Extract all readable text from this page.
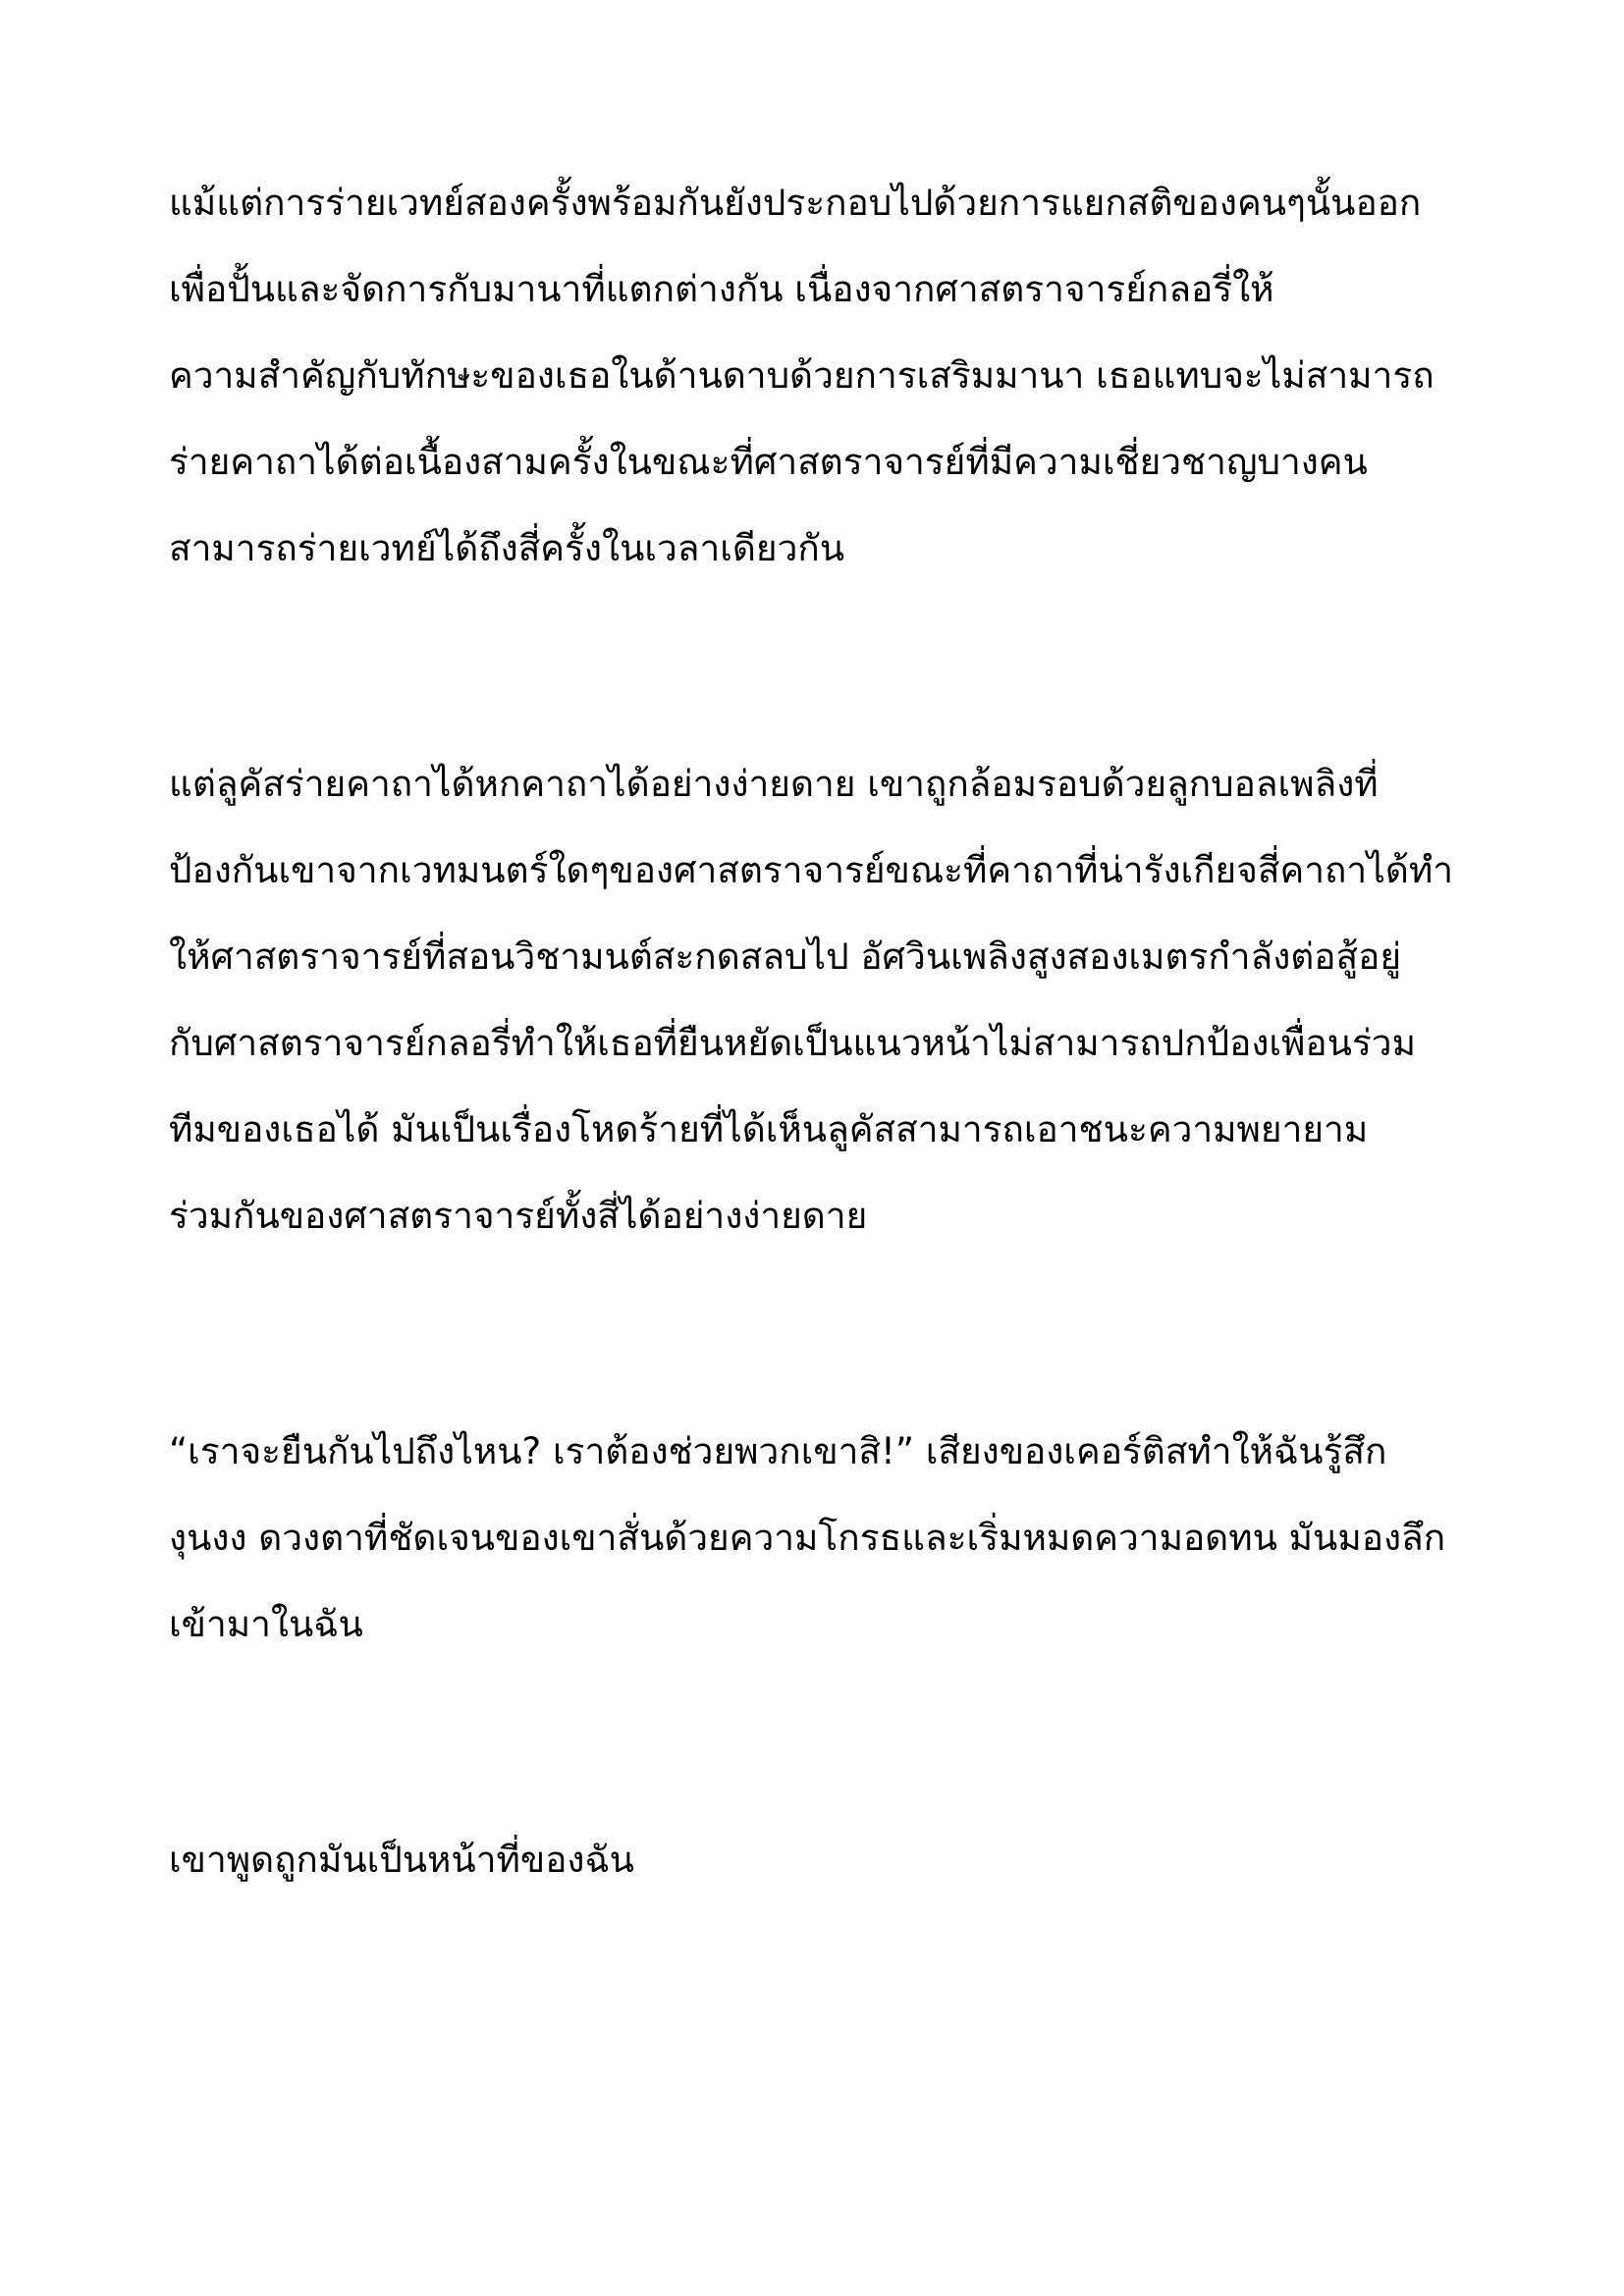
แม้แต่การร่ายเวทย์สองครั้งพร้อมกันยังประกอบไปด้วยการแยกสติของคนๆนั้นออก
เพื่อปั้นและจัดการกับมานาที่แตกต่างกัน เนื่องจากศาสตราจารย์กลอรี่ให้
ความสำคัญกับทักษะของเธอในด้านดาบด้วยการเสริมมานา เธอแทบจะไม่สามารถ
ร่ายคาถาได้ต่อเนื้องสามครั้งในขณะที่ศาสตราจารย์ที่มีความเชี่ยวชาญบางคน
สามารถร่ายเวทย์ได้ถึงสี่ครั้งในเวลาเดียวกัน
แต่ลูคัสร่ายคาถาได้หกคาถาได้อย่างง่ายดาย เขาถูกล้อมรอบด้วยลูกบอลเพลิงที่
ป้องกันเขาจากเวทมนตร์ใดๆของศาสตราจารย์ขณะที่คาถาที่น่ารังเกียจสี่คาถาได้ทำ
ให้ศาสตราจารย์ที่สอนวิชามนต์สะกดสลบไป อัศวินเพลิงสูงสองเมตรกำลังต่อสู้อยู่
กับศาสตราจารย์กลอรี่ทำให้เธอที่ยืนหยัดเป็นแนวหน้าไม่สามารถปกป้องเพื่อนร่วม
ทีมของเธอได้ มันเป็นเรื่องโหดร้ายที่ได้เห็นลูคัสสามารถเอาชนะความพยายาม
ร่วมกันของศาสตราจารย์ทั้งสี่ได้อย่างง่ายดาย
“เราจะยืนกันไปถึงไหน? เราต้องช่วยพวกเขาสิ!” เสียงของเคอร์ติสทำให้ฉันรู้สึก
งุนงง ดวงตาที่ชัดเจนของเขาสั่นด้วยความโกรธและเริ่มหมดความอดทน มันมองลึก
เข้ามาในฉัน
เขาพูดถูกมันเป็นหน้าที่ของฉัน
